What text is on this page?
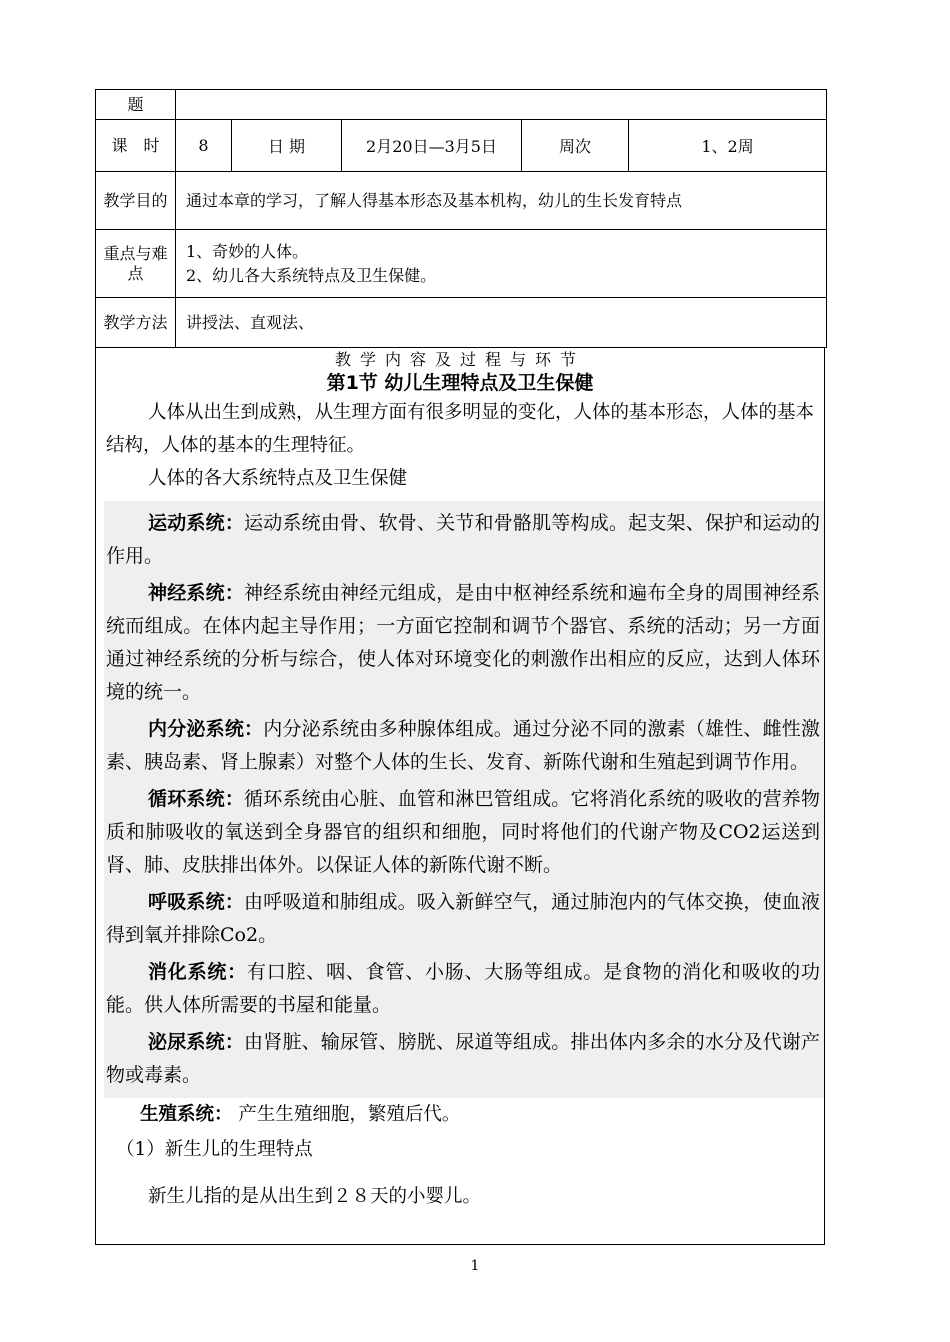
题					
课　时	8	日 期	2月20日—3月5日	周次	1、2周
教学目的	通过本章的学习，了解人得基本形态及基本机构，幼儿的生长发育特点				
重点与难点	1、奇妙的人体。
2、幼儿各大系统特点及卫生保健。				

教学方法	讲授法、直观法、				
教学内容及过程与环节
第1节 幼儿生理特点及卫生保健

人体从出生到成熟，从生理方面有很多明显的变化，人体的基本形态，人体的基本结构，人体的基本的生理特征。

人体的各大系统特点及卫生保健

运动系统：运动系统由骨、软骨、关节和骨骼肌等构成。起支架、保护和运动的作用。

神经系统：神经系统由神经元组成，是由中枢神经系统和遍布全身的周围神经系统而组成。在体内起主导作用；一方面它控制和调节个器官、系统的活动；另一方面通过神经系统的分析与综合，使人体对环境变化的刺激作出相应的反应，达到人体环境的统一。

内分泌系统：内分泌系统由多种腺体组成。通过分泌不同的激素（雄性、雌性激素、胰岛素、肾上腺素）对整个人体的生长、发育、新陈代谢和生殖起到调节作用。

循环系统：循环系统由心脏、血管和淋巴管组成。它将消化系统的吸收的营养物质和肺吸收的氧送到全身器官的组织和细胞，同时将他们的代谢产物及CO2运送到肾、肺、皮肤排出体外。以保证人体的新陈代谢不断。

呼吸系统：由呼吸道和肺组成。吸入新鲜空气，通过肺泡内的气体交换，使血液得到氧并排除Co2。

消化系统：有口腔、咽、食管、小肠、大肠等组成。是食物的消化和吸收的功能。供人体所需要的书屋和能量。

泌尿系统：由肾脏、输尿管、膀胱、尿道等组成。排出体内多余的水分及代谢产物或毒素。

生殖系统： 产生生殖细胞，繁殖后代。

（1）新生儿的生理特点

新生儿指的是从出生到２８天的小婴儿。

1
